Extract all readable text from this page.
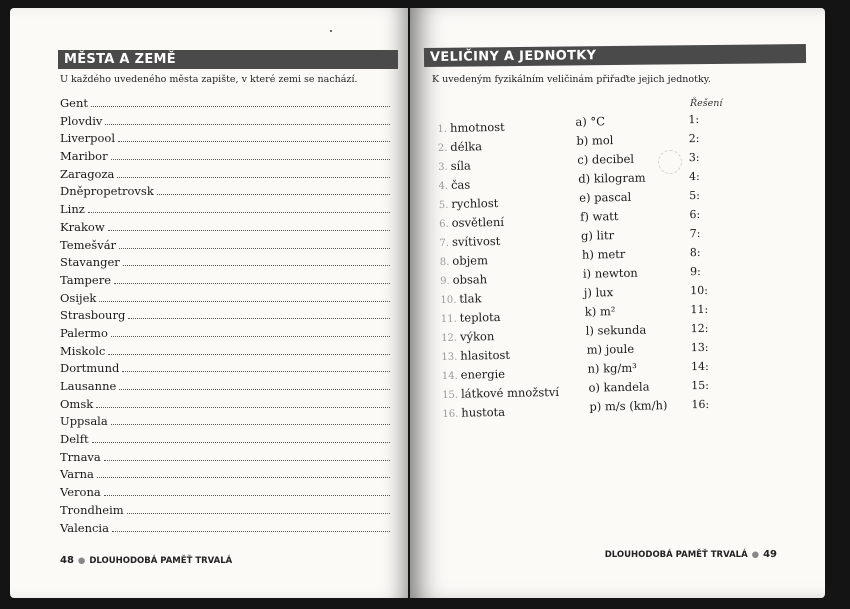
MĚSTA A ZEMĚ
U každého uvedeného města zapište, v které zemi se nachází.
Gent
Plovdiv
Liverpool
Maribor
Zaragoza
Dněpropetrovsk
Linz
Krakow
Temešvár
Stavanger
Tampere
Osijek
Strasbourg
Palermo
Miskolc
Dortmund
Lausanne
Omsk
Uppsala
Delft
Trnava
Varna
Verona
Trondheim
Valencia
48 ● DLOUHODOBÁ PAMĚŤ TRVALÁ
VELIČINY A JEDNOTKY
K uvedeným fyzikálním veličinám přiřaďte jejich jednotky.
Řešení
1. hmotnost
2. délka
3. síla
4. čas
5. rychlost
6. osvětlení
7. svítivost
8. objem
9. obsah
10. tlak
11. teplota
12. výkon
13. hlasitost
14. energie
15. látkové množství
16. hustota
a) °C
b) mol
c) decibel
d) kilogram
e) pascal
f) watt
g) litr
h) metr
i) newton
j) lux
k) m²
l) sekunda
m) joule
n) kg/m³
o) kandela
p) m/s (km/h)
1:
2:
3:
4:
5:
6:
7:
8:
9:
10:
11:
12:
13:
14:
15:
16:
DLOUHODOBÁ PAMĚŤ TRVALÁ ● 49
